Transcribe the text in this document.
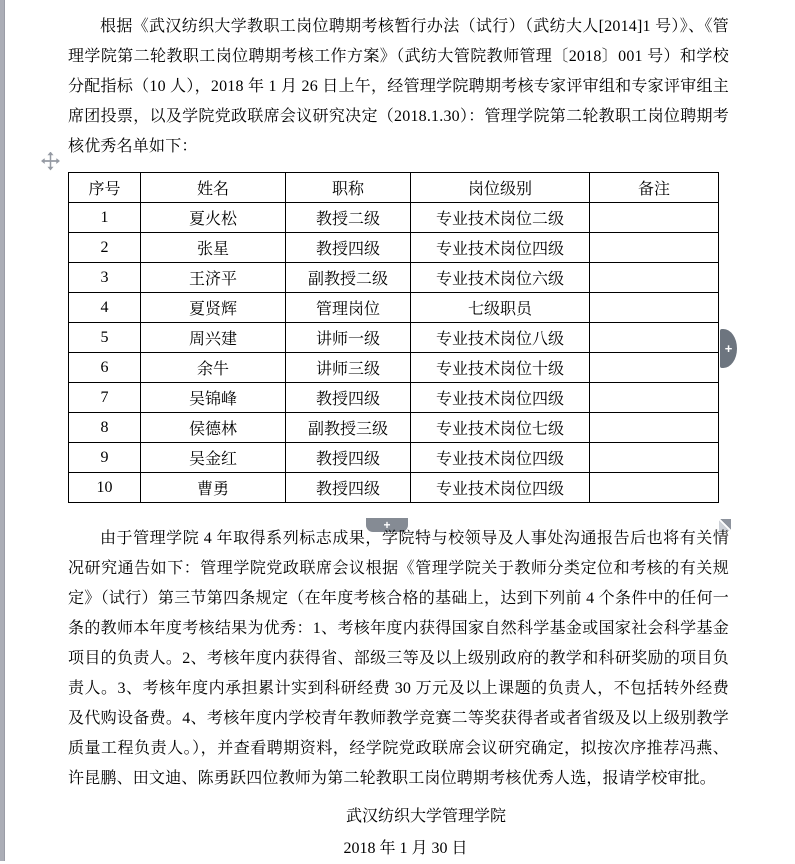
根据《武汉纺织大学教职工岗位聘期考核暂行办法（试行）（武纺大人[2014]1 号）》、《管理学院第二轮教职工岗位聘期考核工作方案》（武纺大管院教师管理〔2018〕001 号）和学校分配指标（10 人），2018 年 1 月 26 日上午，经管理学院聘期考核专家评审组和专家评审组主席团投票，以及学院党政联席会议研究决定（2018.1.30）：管理学院第二轮教职工岗位聘期考核优秀名单如下：

序号	姓名	职称	岗位级别	备注
1	夏火松	教授二级	专业技术岗位二级	
2	张星	教授四级	专业技术岗位四级	
3	王济平	副教授二级	专业技术岗位六级	
4	夏贤辉	管理岗位	七级职员	
5	周兴建	讲师一级	专业技术岗位八级	
6	余牛	讲师三级	专业技术岗位十级	
7	吴锦峰	教授四级	专业技术岗位四级	
8	侯德林	副教授三级	专业技术岗位七级	
9	吴金红	教授四级	专业技术岗位四级	
10	曹勇	教授四级	专业技术岗位四级	
+
+

由于管理学院 4 年取得系列标志成果，学院特与校领导及人事处沟通报告后也将有关情况研究通告如下：管理学院党政联席会议根据《管理学院关于教师分类定位和考核的有关规定》（试行）第三节第四条规定（在年度考核合格的基础上，达到下列前 4 个条件中的任何一条的教师本年度考核结果为优秀：1、考核年度内获得国家自然科学基金或国家社会科学基金项目的负责人。2、考核年度内获得省、部级三等及以上级别政府的教学和科研奖励的项目负责人。3、考核年度内承担累计实到科研经费 30 万元及以上课题的负责人，不包括转外经费及代购设备费。4、考核年度内学校青年教师教学竞赛二等奖获得者或者省级及以上级别教学质量工程负责人。），并查看聘期资料，经学院党政联席会议研究确定，拟按次序推荐冯燕、许昆鹏、田文迪、陈勇跃四位教师为第二轮教职工岗位聘期考核优秀人选，报请学校审批。

武汉纺织大学管理学院

2018 年 1 月 30 日
